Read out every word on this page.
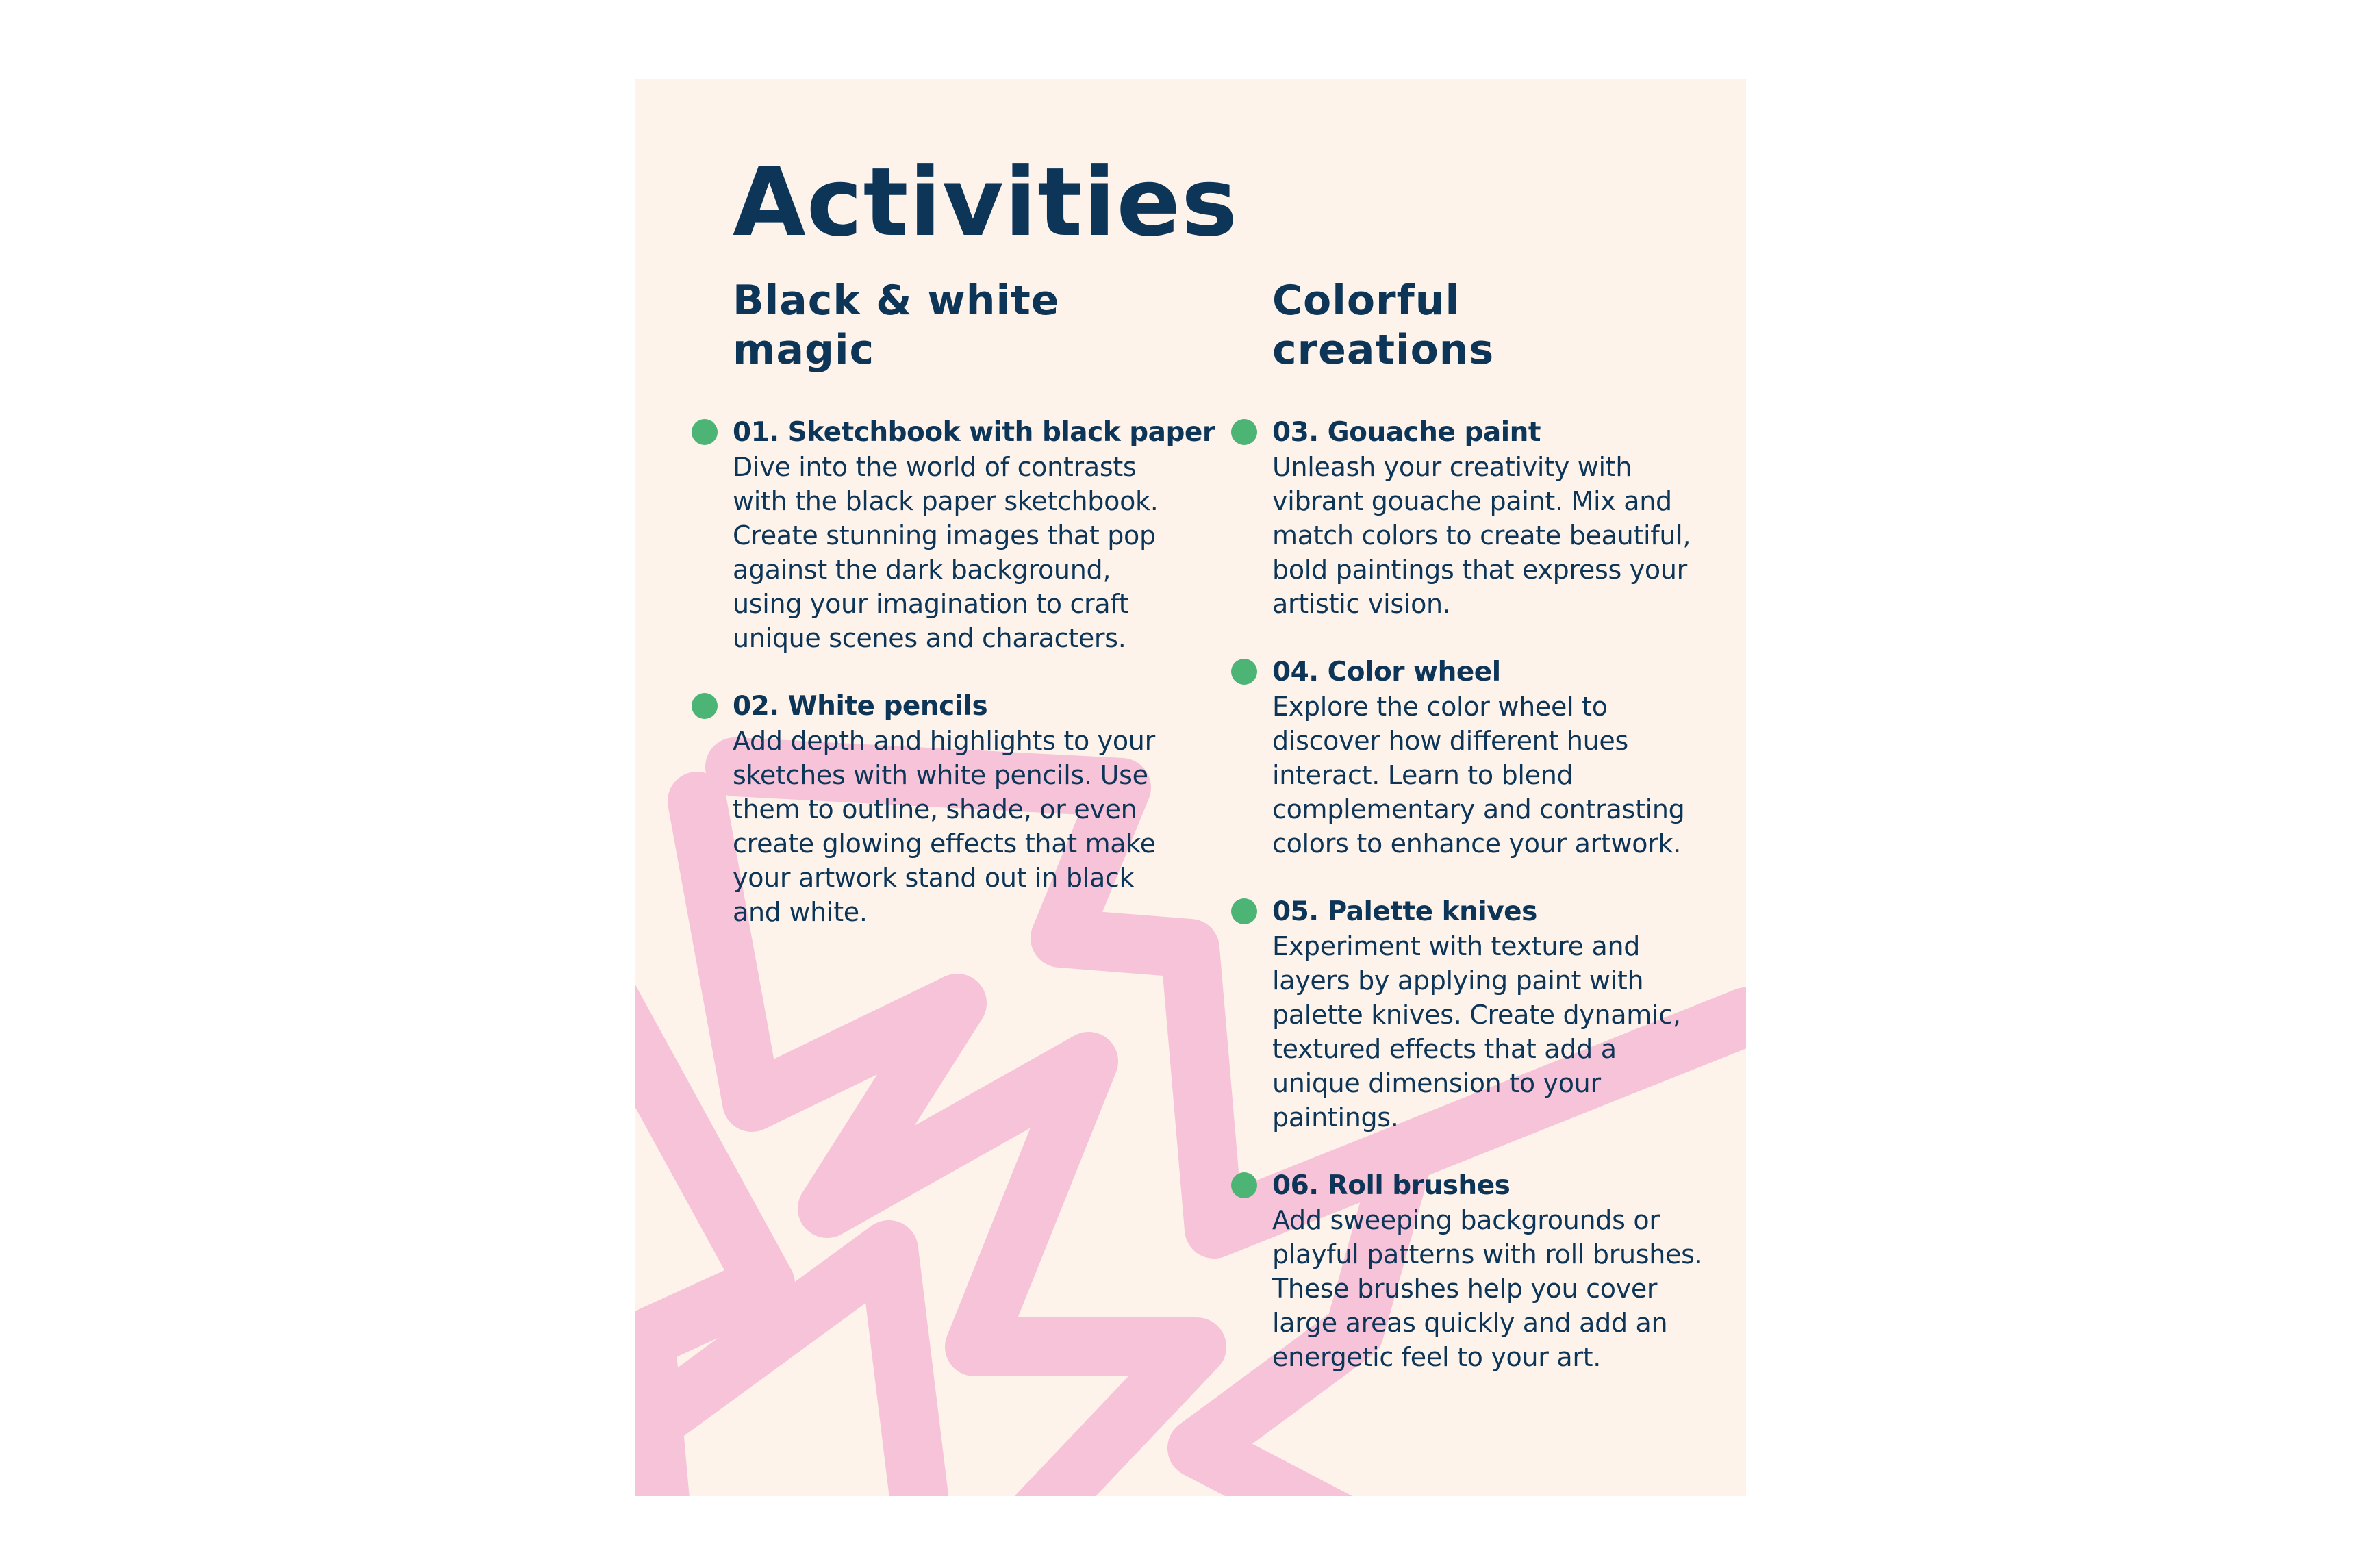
Activities
Black & white
magic
01. Sketchbook with black paper

Dive into the world of contrasts with the black paper sketchbook. Create stunning images that pop against the dark background, using your imagination to craft unique scenes and characters.

02. White pencils

Add depth and highlights to your sketches with white pencils. Use them to outline, shade, or even create glowing effects that make your artwork stand out in black and white.

Colorful
creations
03. Gouache paint

Unleash your creativity with vibrant gouache paint. Mix and match colors to create beautiful, bold paintings that express your artistic vision.

04. Color wheel

Explore the color wheel to discover how different hues interact. Learn to blend complementary and contrasting colors to enhance your artwork.

05. Palette knives

Experiment with texture and layers by applying paint with palette knives. Create dynamic, textured effects that add a unique dimension to your paintings.

06. Roll brushes

Add sweeping backgrounds or playful patterns with roll brushes. These brushes help you cover large areas quickly and add an energetic feel to your art.
